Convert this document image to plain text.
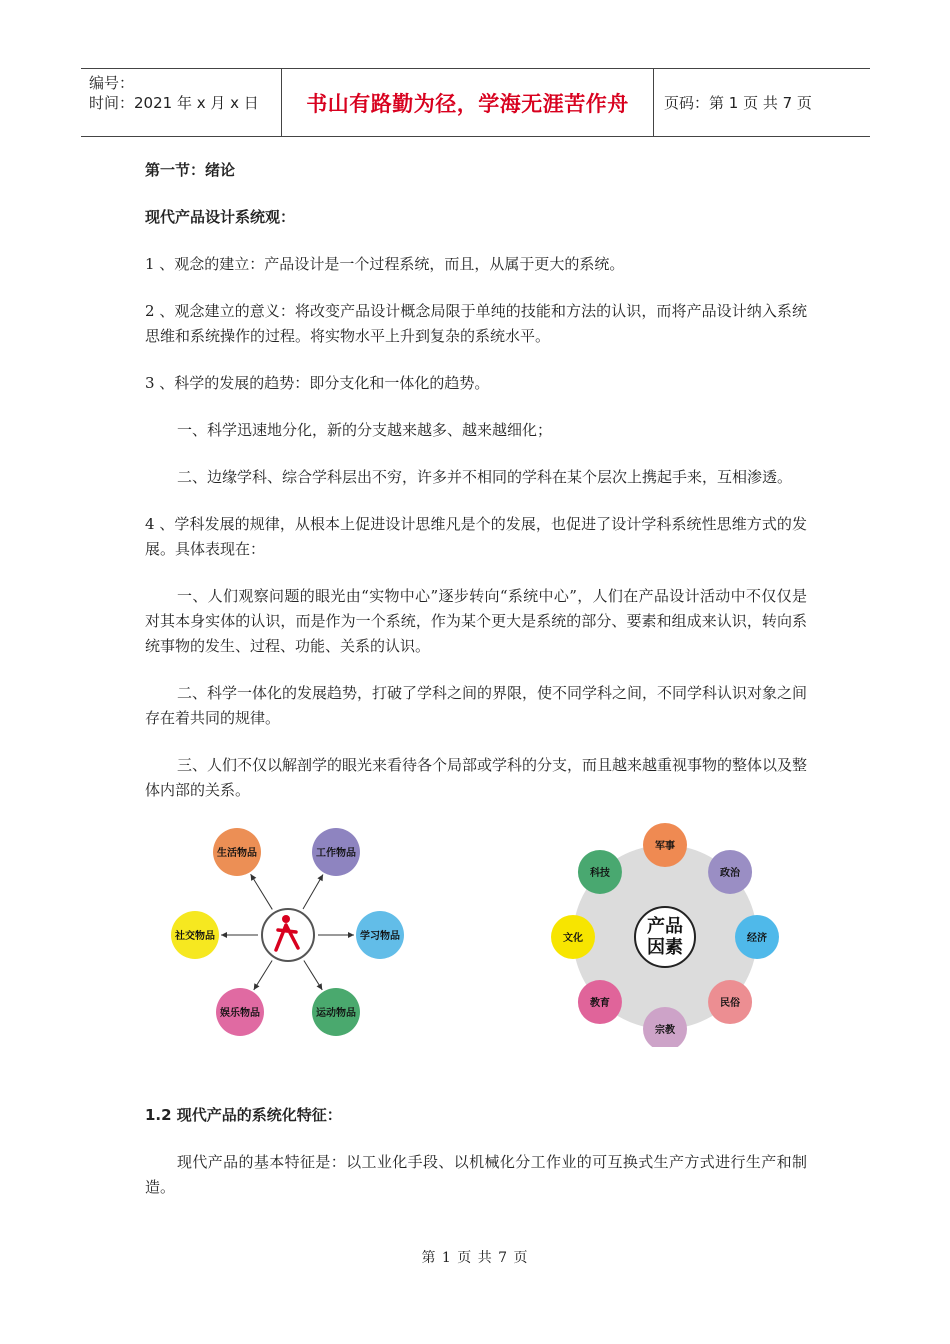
编号：
时间：2021 年 x 月 x 日	书山有路勤为径，学海无涯苦作舟 页码：第 1 页 共 7 页
第一节：绪论
现代产品设计系统观：
1 、观念的建立：产品设计是一个过程系统，而且，从属于更大的系统。
2 、观念建立的意义：将改变产品设计概念局限于单纯的技能和方法的认识，而将产品设计纳入系统思维和系统操作的过程。将实物水平上升到复杂的系统水平。
3 、科学的发展的趋势：即分支化和一体化的趋势。
一、科学迅速地分化，新的分支越来越多、越来越细化；
二、边缘学科、综合学科层出不穷，许多并不相同的学科在某个层次上携起手来，互相渗透。
4 、学科发展的规律，从根本上促进设计思维凡是个的发展，也促进了设计学科系统性思维方式的发展。具体表现在：
一、人们观察问题的眼光由“实物中心”逐步转向“系统中心”，人们在产品设计活动中不仅仅是对其本身实体的认识，而是作为一个系统，作为某个更大是系统的部分、要素和组成来认识，转向系统事物的发生、过程、功能、关系的认识。
二、科学一体化的发展趋势，打破了学科之间的界限，使不同学科之间，不同学科认识对象之间存在着共同的规律。
三、人们不仅以解剖学的眼光来看待各个局部或学科的分支，而且越来越重视事物的整体以及整体内部的关系。
生活物品	工作物品
学习物品
运动物品
娱乐物品
社交物品	产品
因素
军事
政治
经济
民俗
宗教
教育
文化
科技
1.2 现代产品的系统化特征：
现代产品的基本特征是：以工业化手段、以机械化分工作业的可互换式生产方式进行生产和制造。
第 1 页 共 7 页
